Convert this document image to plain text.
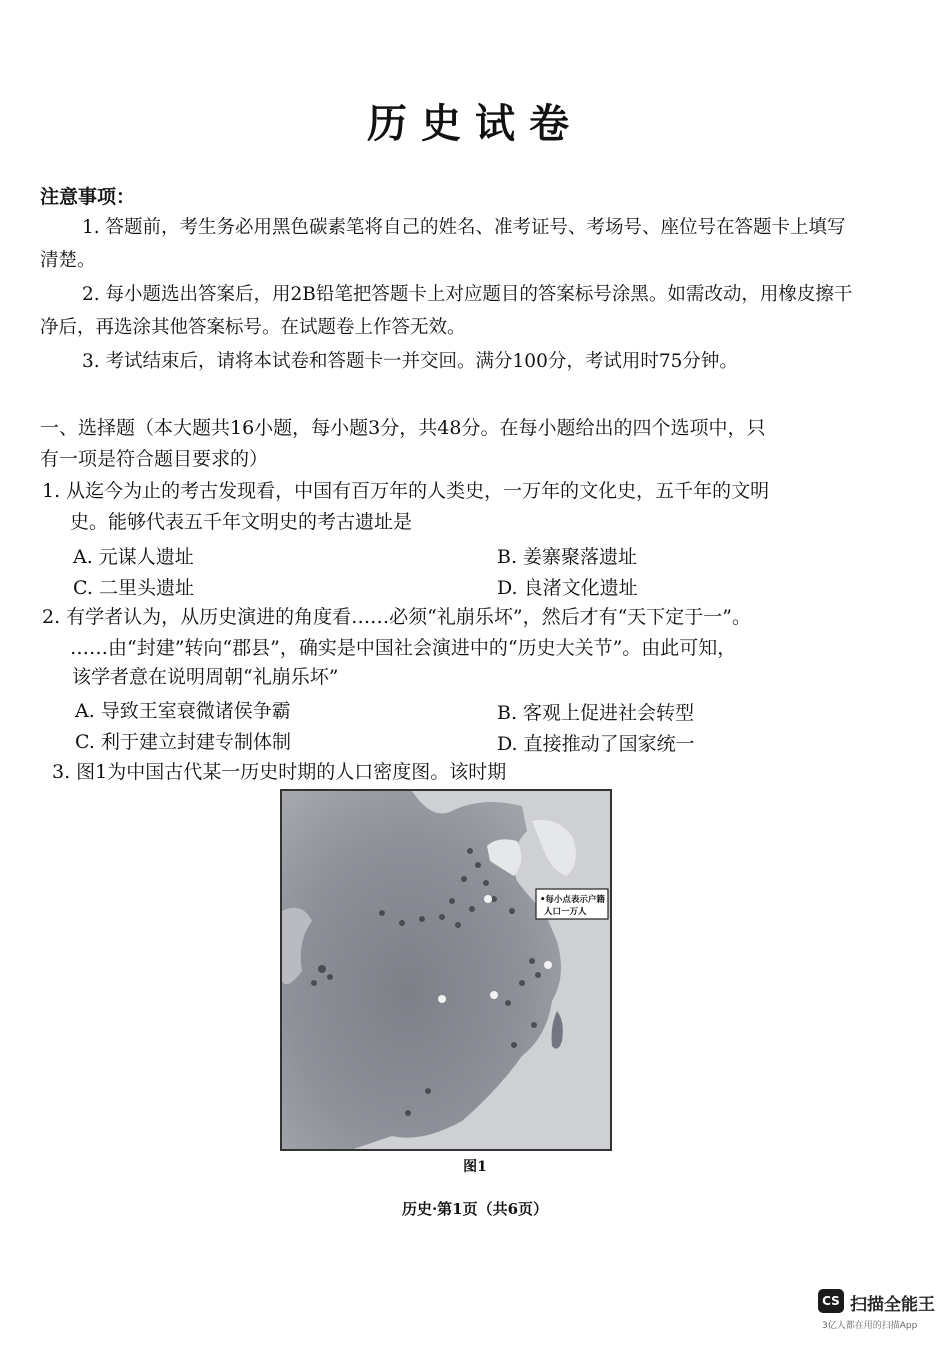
历史试卷
注意事项：
1. 答题前，考生务必用黑色碳素笔将自己的姓名、准考证号、考场号、座位号在答题卡上填写清楚。
2. 每小题选出答案后，用2B铅笔把答题卡上对应题目的答案标号涂黑。如需改动，用橡皮擦干净后，再选涂其他答案标号。在试题卷上作答无效。
3. 考试结束后，请将本试卷和答题卡一并交回。满分100分，考试用时75分钟。
一、选择题（本大题共16小题，每小题3分，共48分。在每小题给出的四个选项中，只
有一项是符合题目要求的）
1. 从迄今为止的考古发现看，中国有百万年的人类史，一万年的文化史，五千年的文明
史。能够代表五千年文明史的考古遗址是
A. 元谋人遗址	B. 姜寨聚落遗址
C. 二里头遗址	D. 良渚文化遗址
2. 有学者认为，从历史演进的角度看……必须“礼崩乐坏”，然后才有“天下定于一”。
……由“封建”转向“郡县”，确实是中国社会演进中的“历史大关节”。由此可知，
该学者意在说明周朝“礼崩乐坏”
A. 导致王室衰微诸侯争霸	B. 客观上促进社会转型
C. 利于建立封建专制体制	D. 直接推动了国家统一
3. 图1为中国古代某一历史时期的人口密度图。该时期
•每小点表示户籍
人口一万人
图1
历史·第1页（共6页）
CS 扫描全能王
3亿人都在用的扫描App
